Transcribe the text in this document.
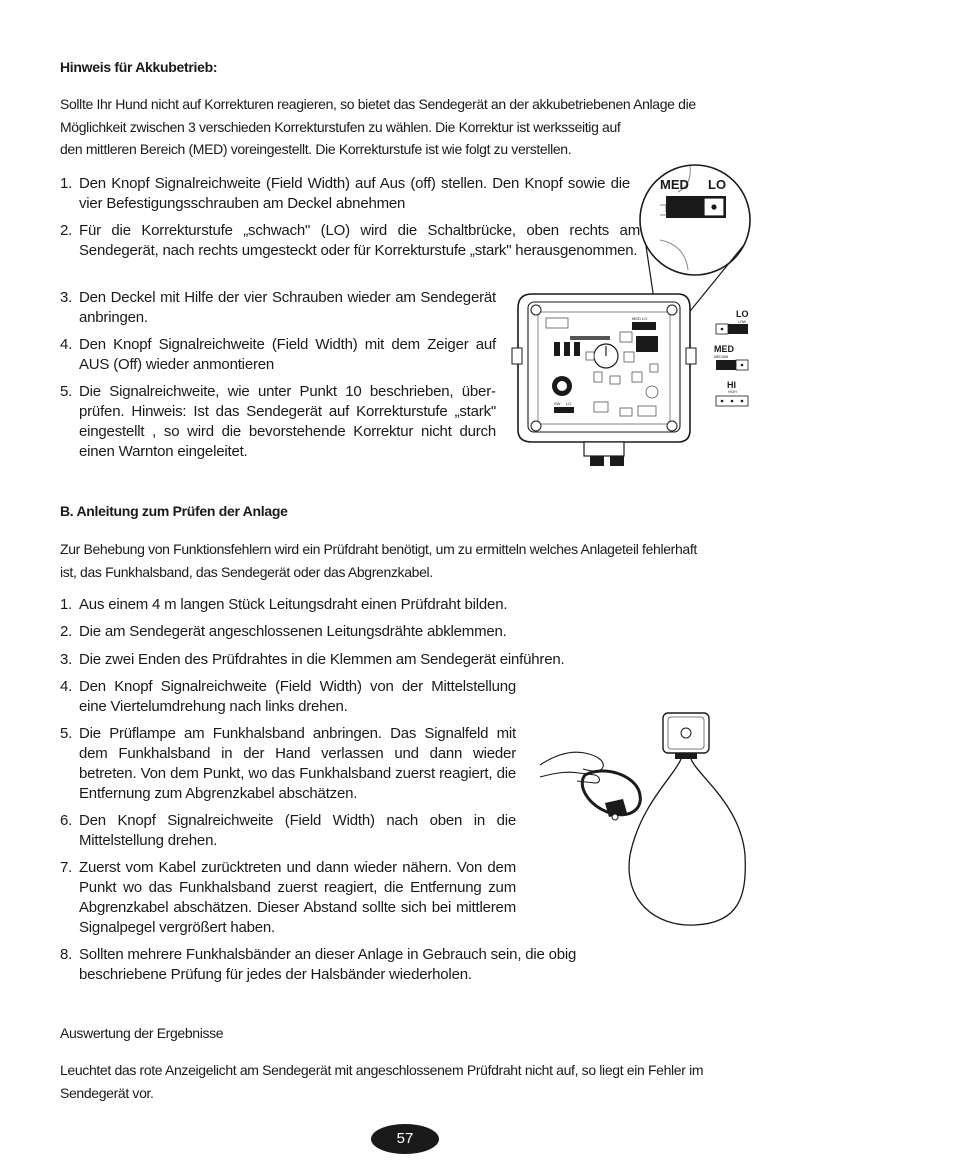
Hinweis für Akkubetrieb:
Sollte Ihr Hund nicht auf Korrekturen reagieren, so bietet das Sendegerät an der akkubetriebenen Anlage die
Möglichkeit zwischen 3 verschieden Korrekturstufen zu wählen. Die Korrektur ist werksseitig auf
den mittleren Bereich (MED) voreingestellt. Die Korrekturstufe ist wie folgt zu verstellen.
1. Den Knopf Signalreichweite (Field Width) auf Aus (off) stellen. Den Knopf sowie die vier Befestigungsschrauben am Deckel abnehmen
2. Für die Korrekturstufe „schwach" (LO) wird die Schaltbrücke, oben rechts am Sendegerät, nach rechts umgesteckt oder für Korrekturstufe „stark" herausgenommen.
3. Den Deckel mit Hilfe der vier Schrauben wieder am Sendegerät anbringen.
4. Den Knopf Signalreichweite (Field Width) mit dem Zeiger auf AUS (Off) wieder anmontieren
5. Die Signalreichweite, wie unter Punkt 10 beschrieben, überprüfen. Hinweis: Ist das Sendegerät auf Korrekturstufe „stark" eingestellt , so wird die bevorstehende Korrektur nicht durch einen Warnton eingeleitet.
MED LO
MED LO
SW LO
LO
LOW
MED
MEDIUM
HI
HIGH
B. Anleitung zum Prüfen der Anlage
Zur Behebung von Funktionsfehlern wird ein Prüfdraht benötigt, um zu ermitteln welches Anlageteil fehlerhaft
ist, das Funkhalsband, das Sendegerät oder das Abgrenzkabel.
1. Aus einem 4 m langen Stück Leitungsdraht einen Prüfdraht bilden.
2. Die am Sendegerät angeschlossenen Leitungsdrähte abklemmen.
3. Die zwei Enden des Prüfdrahtes in die Klemmen am Sendegerät einführen.
4. Den Knopf Signalreichweite (Field Width) von der Mittelstellung eine Viertelumdrehung nach links drehen.
5. Die Prüflampe am Funkhalsband anbringen. Das Signalfeld mit dem Funkhalsband in der Hand verlassen und dann wieder betreten. Von dem Punkt, wo das Funkhalsband zuerst reagiert, die Entfernung zum Abgrenzkabel abschätzen.
6. Den Knopf Signalreichweite (Field Width) nach oben in die Mittelstellung drehen.
7. Zuerst vom Kabel zurücktreten und dann wieder nähern. Von dem Punkt wo das Funkhalsband zuerst reagiert, die Entfernung zum Abgrenzkabel abschätzen. Dieser Abstand sollte sich bei mittlerem Signalpegel vergrößert haben.
8. Sollten mehrere Funkhalsbänder an dieser Anlage in Gebrauch sein, die obig beschriebene Prüfung für jedes der Halsbänder wiederholen.
Auswertung der Ergebnisse
Leuchtet das rote Anzeigelicht am Sendegerät mit angeschlossenem Prüfdraht nicht auf, so liegt ein Fehler im
Sendegerät vor.
57
